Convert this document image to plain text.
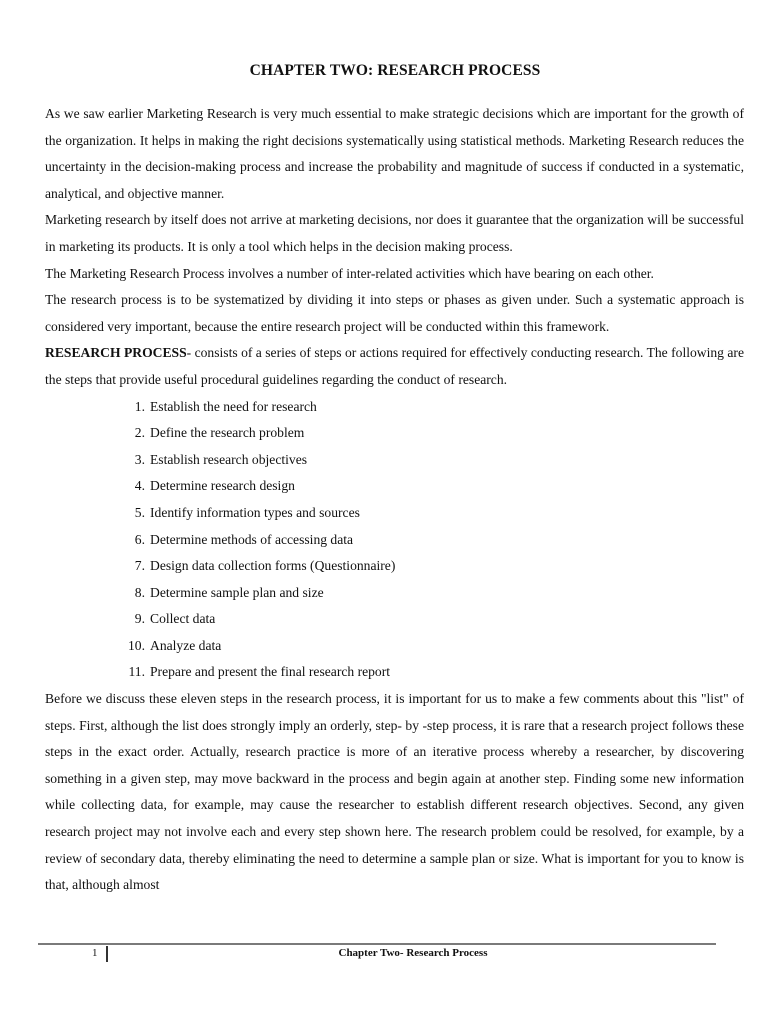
CHAPTER TWO: RESEARCH PROCESS

As we saw earlier Marketing Research is very much essential to make strategic decisions which are important for the growth of the organization. It helps in making the right decisions systematically using statistical methods. Marketing Research reduces the uncertainty in the decision-making process and increase the probability and magnitude of success if conducted in a systematic, analytical, and objective manner.

Marketing research by itself does not arrive at marketing decisions, nor does it guarantee that the organization will be successful in marketing its products. It is only a tool which helps in the decision making process.

The Marketing Research Process involves a number of inter-related activities which have bearing on each other.

The research process is to be systematized by dividing it into steps or phases as given under. Such a systematic approach is considered very important, because the entire research project will be conducted within this framework.

RESEARCH PROCESS- consists of a series of steps or actions required for effectively conducting research. The following are the steps that provide useful procedural guidelines regarding the conduct of research.

1. Establish the need for research
2. Define the research problem
3. Establish research objectives
4. Determine research design
5. Identify information types and sources
6. Determine methods of accessing data
7. Design data collection forms (Questionnaire)
8. Determine sample plan and size
9. Collect data
10. Analyze data
11. Prepare and present the final research report

Before we discuss these eleven steps in the research process, it is important for us to make a few comments about this "list" of steps. First, although the list does strongly imply an orderly, step- by -step process, it is rare that a research project follows these steps in the exact order. Actually, research practice is more of an iterative process whereby a researcher, by discovering something in a given step, may move backward in the process and begin again at another step. Finding some new information while collecting data, for example, may cause the researcher to establish different research objectives. Second, any given research project may not involve each and every step shown here. The research problem could be resolved, for example, by a review of secondary data, thereby eliminating the need to determine a sample plan or size. What is important for you to know is that, although almost

1	Chapter Two- Research Process
